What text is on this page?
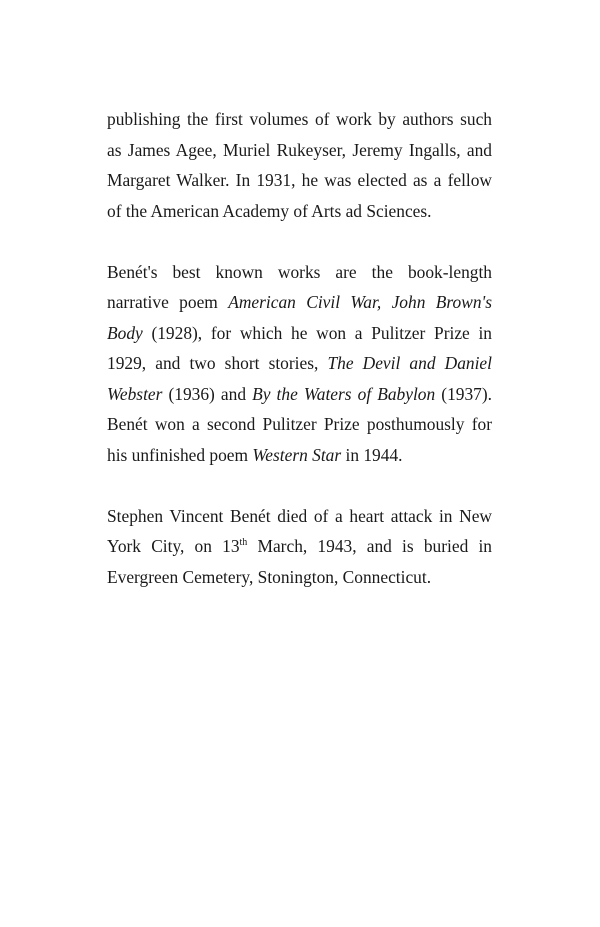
publishing the first volumes of work by authors such as James Agee, Muriel Rukeyser, Jeremy Ingalls, and Margaret Walker. In 1931, he was elected as a fellow of the American Academy of Arts ad Sciences.

Benét's best known works are the book-length narrative poem American Civil War, John Brown's Body (1928), for which he won a Pulitzer Prize in 1929, and two short stories, The Devil and Daniel Webster (1936) and By the Waters of Babylon (1937). Benét won a second Pulitzer Prize posthumously for his unfinished poem Western Star in 1944.

Stephen Vincent Benét died of a heart attack in New York City, on 13th March, 1943, and is buried in Evergreen Cemetery, Stonington, Connecticut.
